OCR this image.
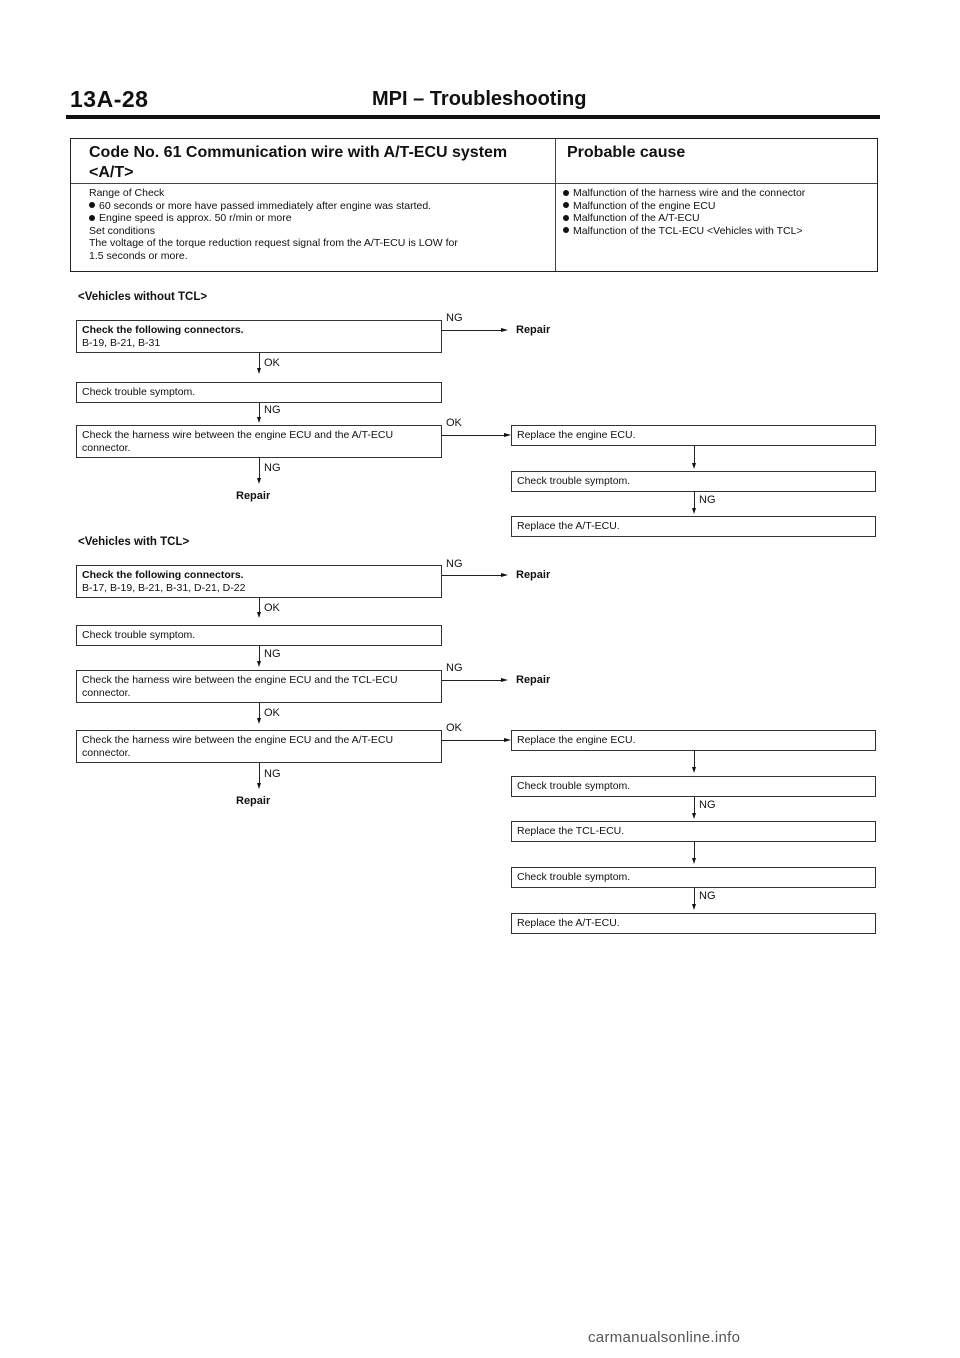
13A-28	MPI – Troubleshooting
Code No. 61 Communication wire with A/T-ECU system
<A/T>
Probable cause
Range of Check
60 seconds or more have passed immediately after engine was started.
Engine speed is approx. 50 r/min or more
Set conditions
The voltage of the torque reduction request signal from the A/T-ECU is LOW for
1.5 seconds or more.
Malfunction of the harness wire and the connector
Malfunction of the engine ECU
Malfunction of the A/T-ECU
Malfunction of the TCL-ECU <Vehicles with TCL>
<Vehicles without TCL>
Check the following connectors.
B-19, B-21, B-31
NG
Repair
OK
Check trouble symptom.
NG
Check the harness wire between the engine ECU and the A/T-ECU
connector.
OK
NG
Repair
Replace the engine ECU.
Check trouble symptom.
NG
Replace the A/T-ECU.
<Vehicles with TCL>
Check the following connectors.
B-17, B-19, B-21, B-31, D-21, D-22
NG
Repair
OK
Check trouble symptom.
NG
Check the harness wire between the engine ECU and the TCL-ECU
connector.
NG
Repair
OK
Check the harness wire between the engine ECU and the A/T-ECU
connector.
OK
NG
Repair
Replace the engine ECU.
Check trouble symptom.
NG
Replace the TCL-ECU.
Check trouble symptom.
NG
Replace the A/T-ECU.
carmanualsonline.info
